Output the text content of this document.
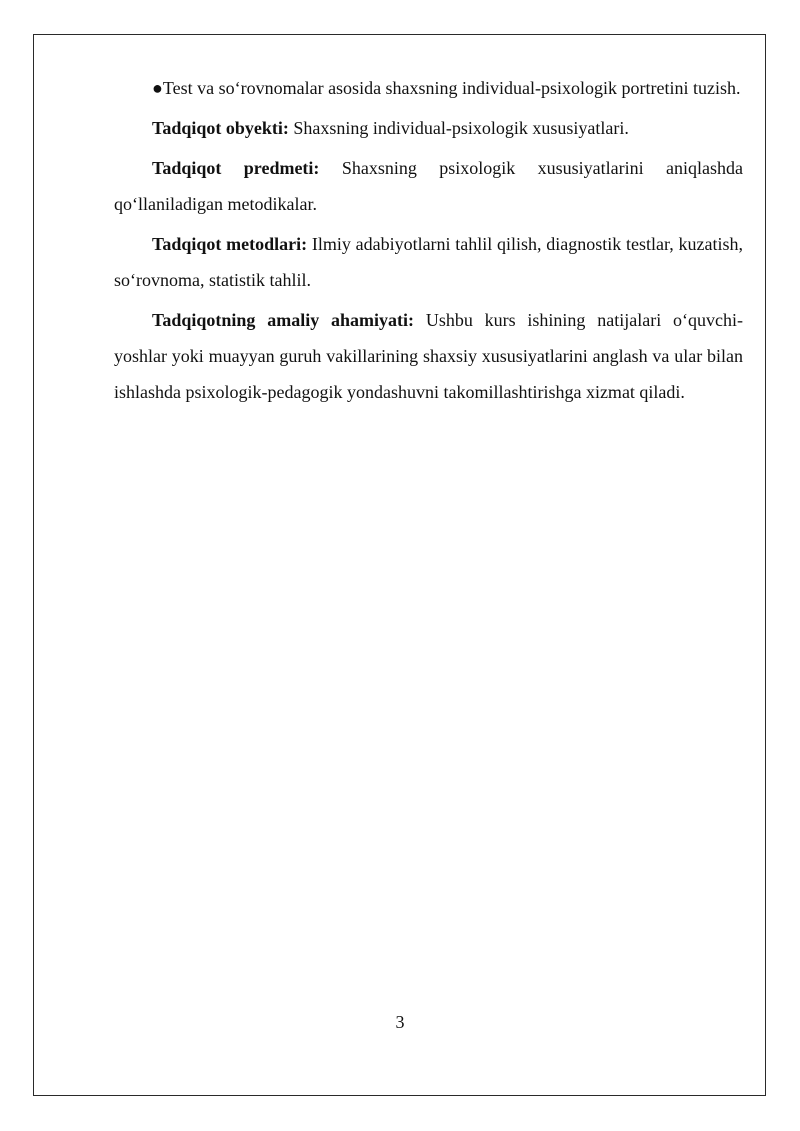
●Test va so‘rovnomalar asosida shaxsning individual-psixologik portretini tuzish.

Tadqiqot obyekti: Shaxsning individual-psixologik xususiyatlari.

Tadqiqot predmeti: Shaxsning psixologik xususiyatlarini aniqlashda qo‘llaniladigan metodikalar.

Tadqiqot metodlari: Ilmiy adabiyotlarni tahlil qilish, diagnostik testlar, kuzatish, so‘rovnoma, statistik tahlil.

Tadqiqotning amaliy ahamiyati: Ushbu kurs ishining natijalari o‘quvchi-yoshlar yoki muayyan guruh vakillarining shaxsiy xususiyatlarini anglash va ular bilan ishlashda psixologik-pedagogik yondashuvni takomillashtirishga xizmat qiladi.

3
